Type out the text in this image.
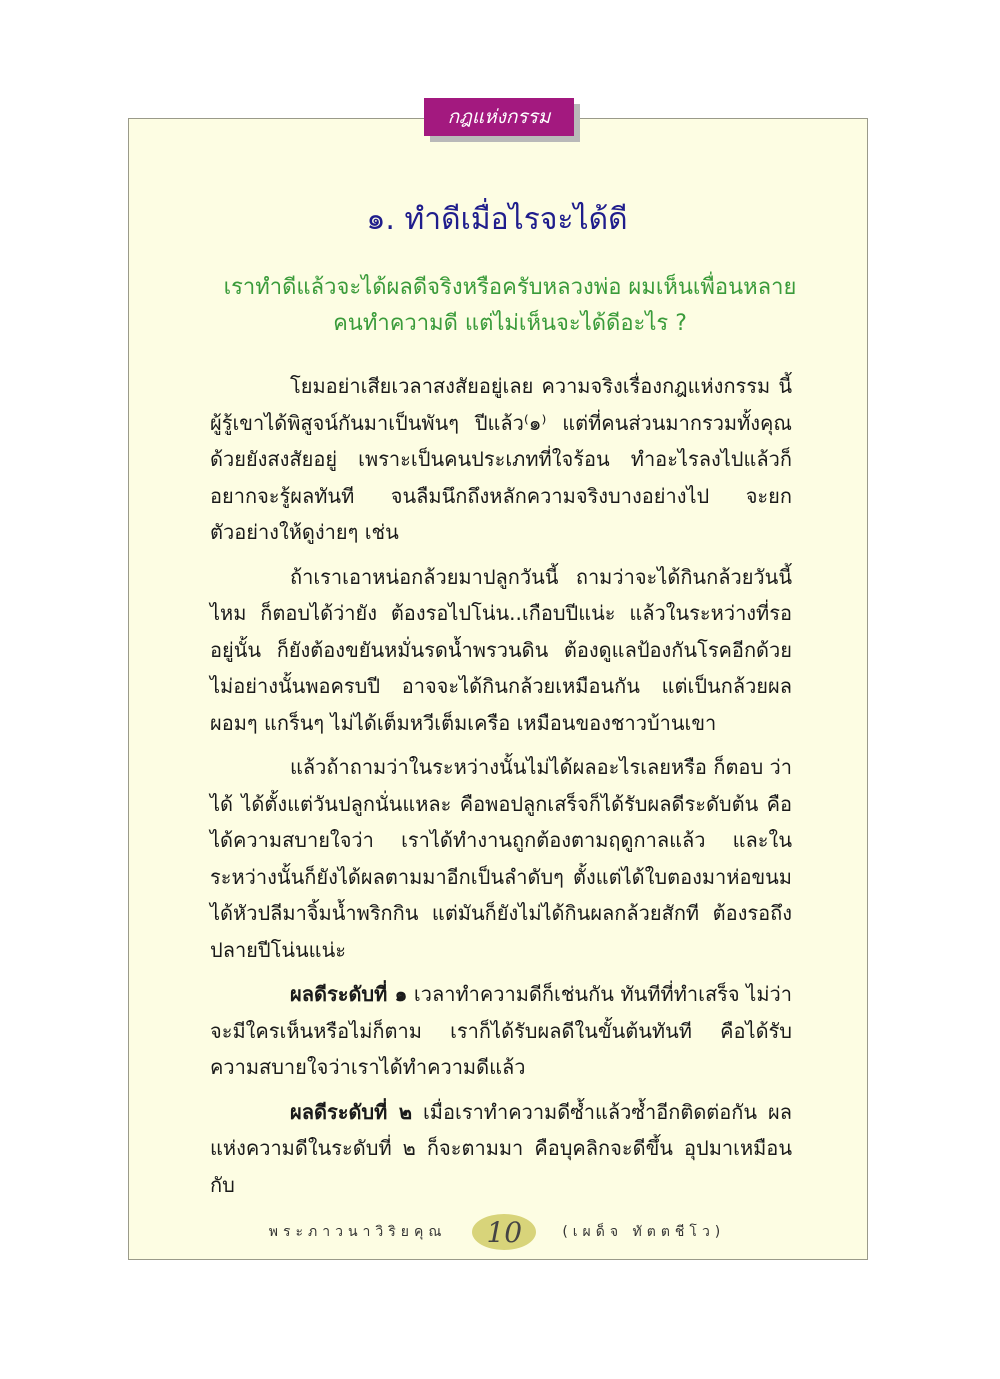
กฎแห่งกรรม
๑. ทำดีเมื่อไรจะได้ดี
เราทำดีแล้วจะได้ผลดีจริงหรือครับหลวงพ่อ ผมเห็นเพื่อนหลาย
คนทำความดี แต่ไม่เห็นจะได้ดีอะไร ?

โยมอย่าเสียเวลาสงสัยอยู่เลย ความจริงเรื่องกฎแห่งกรรม นี้ ผู้รู้เขาได้พิสูจน์กันมาเป็นพันๆ ปีแล้ว⁽๑⁾ แต่ที่คนส่วนมากรวมทั้งคุณด้วยยังสงสัยอยู่ เพราะเป็นคนประเภทที่ใจร้อน ทำอะไรลงไปแล้วก็อยากจะรู้ผลทันที จนลืมนึกถึงหลักความจริงบางอย่างไป จะยกตัวอย่างให้ดูง่ายๆ เช่น

ถ้าเราเอาหน่อกล้วยมาปลูกวันนี้ ถามว่าจะได้กินกล้วยวันนี้ไหม ก็ตอบได้ว่ายัง ต้องรอไปโน่น..เกือบปีแน่ะ แล้วในระหว่างที่รออยู่นั้น ก็ยังต้องขยันหมั่นรดน้ำพรวนดิน ต้องดูแลป้องกันโรคอีกด้วย ไม่อย่างนั้นพอครบปี อาจจะได้กินกล้วยเหมือนกัน แต่เป็นกล้วยผลผอมๆ แกร็นๆ ไม่ได้เต็มหวีเต็มเครือ เหมือนของชาวบ้านเขา

แล้วถ้าถามว่าในระหว่างนั้นไม่ได้ผลอะไรเลยหรือ ก็ตอบ ว่าได้ ได้ตั้งแต่วันปลูกนั่นแหละ คือพอปลูกเสร็จก็ได้รับผลดีระดับต้น คือได้ความสบายใจว่า เราได้ทำงานถูกต้องตามฤดูกาลแล้ว และในระหว่างนั้นก็ยังได้ผลตามมาอีกเป็นลำดับๆ ตั้งแต่ได้ใบตองมาห่อขนม ได้หัวปลีมาจิ้มน้ำพริกกิน แต่มันก็ยังไม่ได้กินผลกล้วยสักที ต้องรอถึงปลายปีโน่นแน่ะ

ผลดีระดับที่ ๑ เวลาทำความดีก็เช่นกัน ทันทีที่ทำเสร็จ ไม่ว่าจะมีใครเห็นหรือไม่ก็ตาม เราก็ได้รับผลดีในขั้นต้นทันที คือได้รับความสบายใจว่าเราได้ทำความดีแล้ว

ผลดีระดับที่ ๒ เมื่อเราทำความดีซ้ำแล้วซ้ำอีกติดต่อกัน ผลแห่งความดีในระดับที่ ๒ ก็จะตามมา คือบุคลิกจะดีขึ้น อุปมาเหมือนกับ

พระภาวนาวิริยคุณ	10	(เผด็จ ทัตตชีโว)
